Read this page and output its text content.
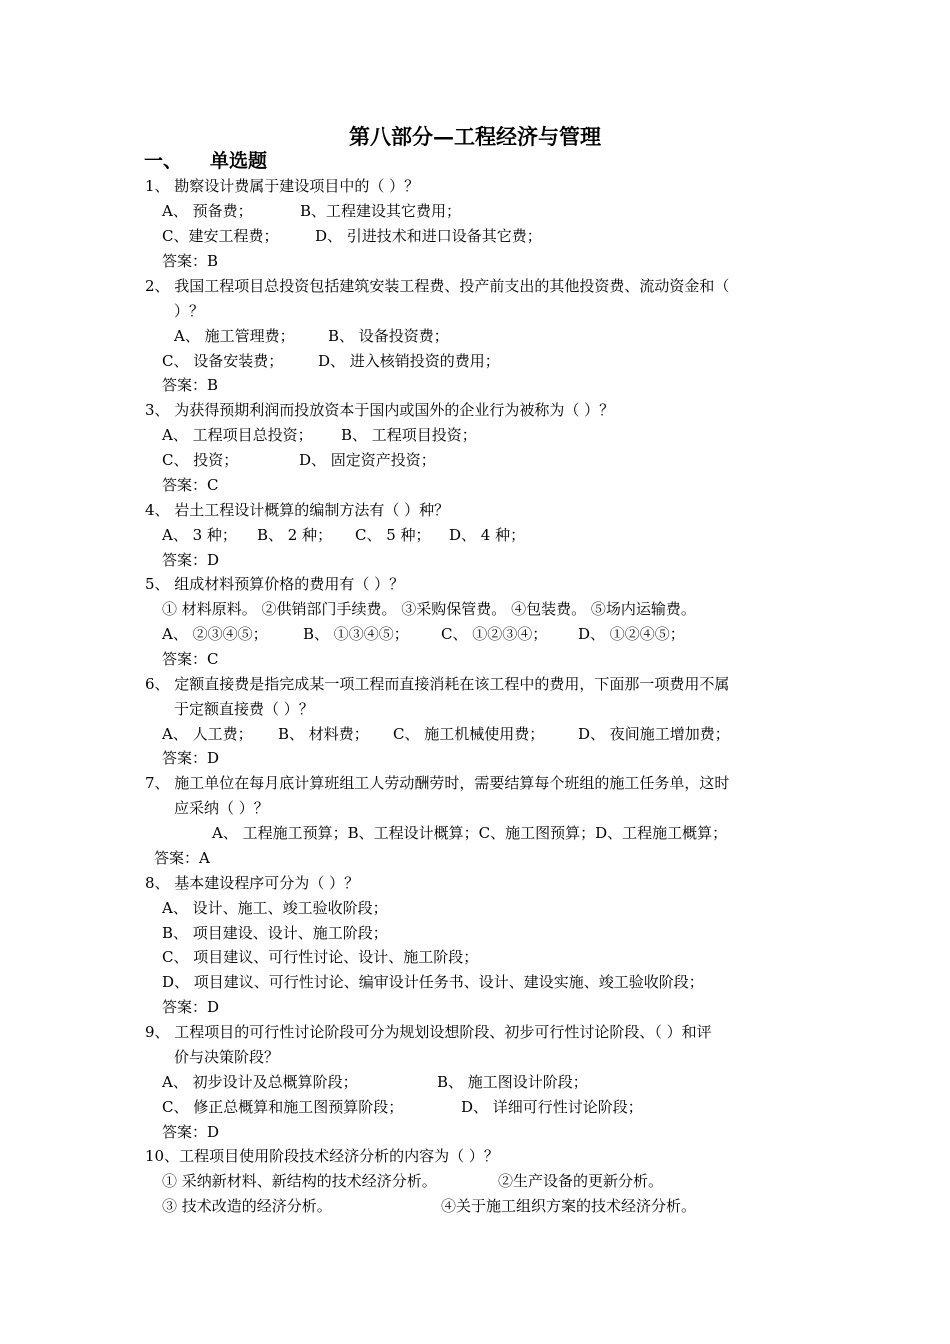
第八部分—工程经济与管理
一、 单选题
1、 勘察设计费属于建设项目中的（ ）？
A、 预备费；	B、工程建设其它费用；
C、建安工程费； D、 引进技术和进口设备其它费；
答案：B
2、 我国工程项目总投资包括建筑安装工程费、投产前支出的其他投资费、流动资金和（
）？
A、 施工管理费； B、 设备投资费；
C、 设备安装费； D、 进入核销投资的费用；
答案：B
3、 为获得预期利润而投放资本于国内或国外的企业行为被称为（ ）？
A、 工程项目总投资； B、 工程项目投资；
C、 投资；	D、 固定资产投资；
答案：C
4、 岩土工程设计概算的编制方法有（ ）种？
A、 3 种； B、 2 种； C、 5 种； D、 4 种；
答案：D
5、 组成材料预算价格的费用有（ ）？
① 材料原料。 ②供销部门手续费。 ③采购保管费。 ④包装费。 ⑤场内运输费。
A、 ②③④⑤； B、 ①③④⑤； C、 ①②③④； D、 ①②④⑤；
答案：C
6、 定额直接费是指完成某一项工程而直接消耗在该工程中的费用，下面那一项费用不属
于定额直接费（ ）？
A、 人工费； B、 材料费； C、 施工机械使用费； D、 夜间施工增加费；
答案：D
7、 施工单位在每月底计算班组工人劳动酬劳时，需要结算每个班组的施工任务单，这时
应采纳（ ）？
A、 工程施工预算；B、工程设计概算；C、施工图预算；D、工程施工概算；
答案：A
8、 基本建设程序可分为（ ）？
A、 设计、施工、竣工验收阶段；
B、 项目建设、设计、施工阶段；
C、 项目建议、可行性讨论、设计、施工阶段；
D、 项目建议、可行性讨论、编审设计任务书、设计、建设实施、竣工验收阶段；
答案：D
9、 工程项目的可行性讨论阶段可分为规划设想阶段、初步可行性讨论阶段、（ ）和评
价与决策阶段？
A、 初步设计及总概算阶段；	B、 施工图设计阶段；
C、 修正总概算和施工图预算阶段；	D、 详细可行性讨论阶段；
答案：D
10、工程项目使用阶段技术经济分析的内容为（ ）？
① 采纳新材料、新结构的技术经济分析。	②生产设备的更新分析。
③ 技术改造的经济分析。	④关于施工组织方案的技术经济分析。
